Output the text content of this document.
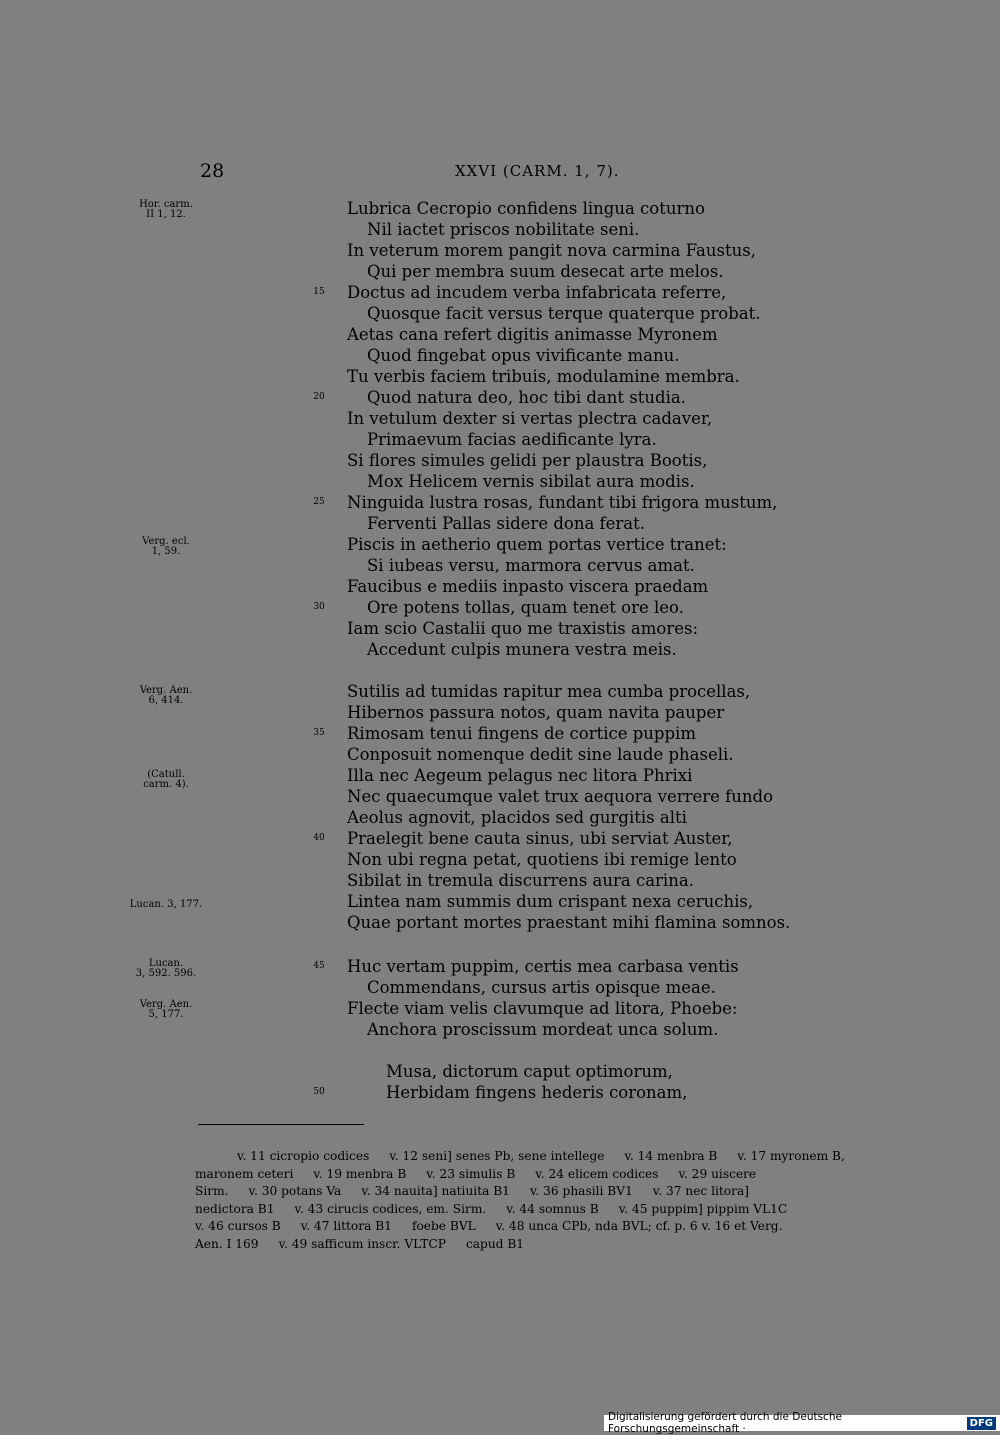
28	XXVI (CARM. 1, 7).
Lubrica Cecropio confidens lingua coturno
Nil iactet priscos nobilitate seni.
In veterum morem pangit nova carmina Faustus,
Qui per membra suum desecat arte melos.
Doctus ad incudem verba infabricata referre,
15
Quosque facit versus terque quaterque probat.
Aetas cana refert digitis animasse Myronem
Quod fingebat opus vivificante manu.
Tu verbis faciem tribuis, modulamine membra.
Quod natura deo, hoc tibi dant studia.
20
In vetulum dexter si vertas plectra cadaver,
Primaevum facias aedificante lyra.
Si flores simules gelidi per plaustra Bootis,
Mox Helicem vernis sibilat aura modis.
Ninguida lustra rosas, fundant tibi frigora mustum,
25
Ferventi Pallas sidere dona ferat.
Piscis in aetherio quem portas vertice tranet:
Si iubeas versu, marmora cervus amat.
Faucibus e mediis inpasto viscera praedam
Ore potens tollas, quam tenet ore leo.
30
Iam scio Castalii quo me traxistis amores:
Accedunt culpis munera vestra meis.
Sutilis ad tumidas rapitur mea cumba procellas,
Hibernos passura notos, quam navita pauper
Rimosam tenui fingens de cortice puppim
35
Conposuit nomenque dedit sine laude phaseli.
Illa nec Aegeum pelagus nec litora Phrixi
Nec quaecumque valet trux aequora verrere fundo
Aeolus agnovit, placidos sed gurgitis alti
Praelegit bene cauta sinus, ubi serviat Auster,
40
Non ubi regna petat, quotiens ibi remige lento
Sibilat in tremula discurrens aura carina.
Lintea nam summis dum crispant nexa ceruchis,
Quae portant mortes praestant mihi flamina somnos.
Huc vertam puppim, certis mea carbasa ventis
45
Commendans, cursus artis opisque meae.
Flecte viam velis clavumque ad litora, Phoebe:
Anchora proscissum mordeat unca solum.
Musa, dictorum caput optimorum,
Herbidam fingens hederis coronam,
50
Hor. carm.
II 1, 12.
Verg. ecl.
1, 59.
Verg. Aen.
6, 414.
(Catull.
carm. 4).
Lucan. 3, 177.
Lucan.
3, 592. 596.
Verg. Aen.
5, 177.
v. 11 cicropio codices v. 12 seni] senes Pb, sene intellege v. 14 menbra B v. 17 myronem B,
maronem ceteri v. 19 menbra B v. 23 simulis B v. 24 elicem codices v. 29 uiscere
Sirm. v. 30 potans Va v. 34 nauita] natiuita B1 v. 36 phasili BV1 v. 37 nec litora]
nedictora B1 v. 43 cirucis codices, em. Sirm. v. 44 somnus B v. 45 puppim] pippim VL1C
v. 46 cursos B v. 47 littora B1 foebe BVL v. 48 unca CPb, nda BVL; cf. p. 6 v. 16 et Verg.
Aen. I 169 v. 49 safficum inscr. VLTCP capud B1
Digitalisierung gefördert durch die Deutsche Forschungsgemeinschaft ·	DFG
